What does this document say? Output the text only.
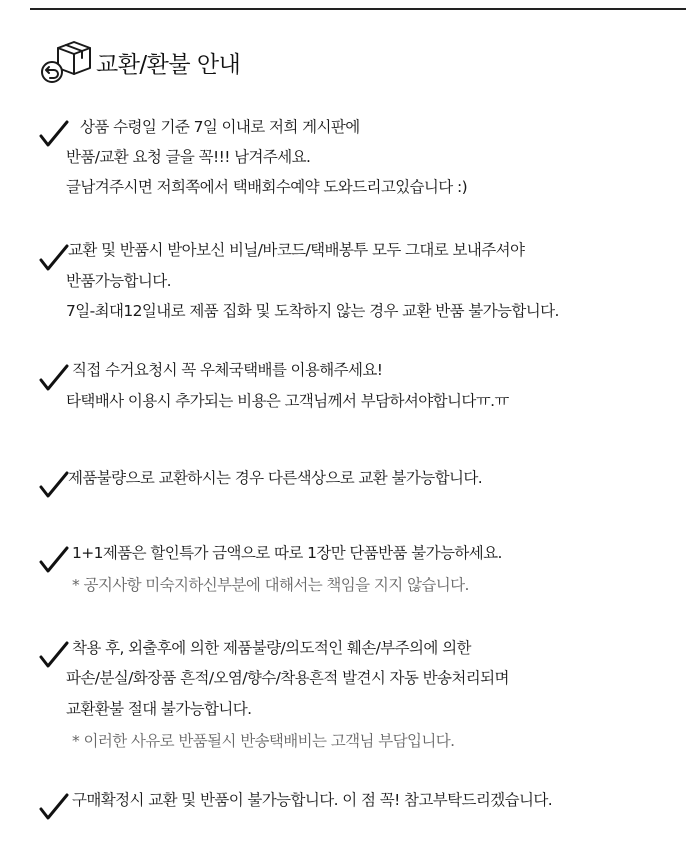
교환/환불 안내
상품 수령일 기준 7일 이내로 저희 게시판에
반품/교환 요청 글을 꼭!!! 남겨주세요.
글남겨주시면 저희쪽에서 택배회수예약 도와드리고있습니다 :)
교환 및 반품시 받아보신 비닐/바코드/택배봉투 모두 그대로 보내주셔야
반품가능합니다.
7일-최대12일내로 제품 집화 및 도착하지 않는 경우 교환 반품 불가능합니다.
직접 수거요청시 꼭 우체국택배를 이용해주세요!
타택배사 이용시 추가되는 비용은 고객님께서 부담하셔야합니다ㅠ.ㅠ
제품불량으로 교환하시는 경우 다른색상으로 교환 불가능합니다.
1+1제품은 할인특가 금액으로 따로 1장만 단품반품 불가능하세요.
* 공지사항 미숙지하신부분에 대해서는 책임을 지지 않습니다.
착용 후, 외출후에 의한 제품불량/의도적인 훼손/부주의에 의한
파손/분실/화장품 흔적/오염/향수/착용흔적 발견시 자동 반송처리되며
교환환불 절대 불가능합니다.
* 이러한 사유로 반품될시 반송택배비는 고객님 부담입니다.
구매확정시 교환 및 반품이 불가능합니다. 이 점 꼭! 참고부탁드리겠습니다.
